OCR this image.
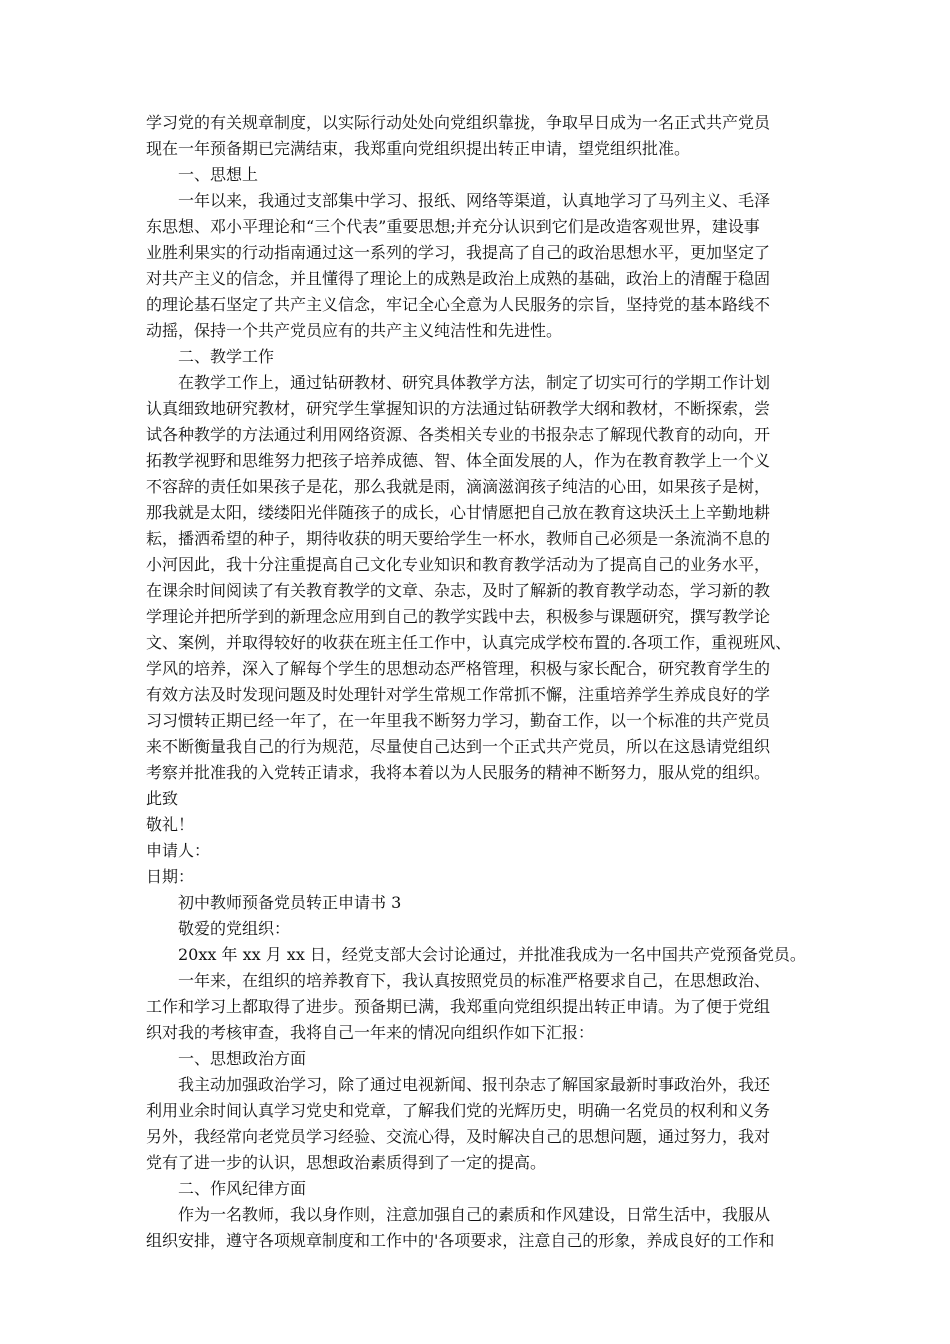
学习党的有关规章制度，以实际行动处处向党组织靠拢，争取早日成为一名正式共产党员
现在一年预备期已完满结束，我郑重向党组织提出转正申请，望党组织批准。
一、思想上
一年以来，我通过支部集中学习、报纸、网络等渠道，认真地学习了马列主义、毛泽
东思想、邓小平理论和“三个代表”重要思想;并充分认识到它们是改造客观世界，建设事
业胜利果实的行动指南通过这一系列的学习，我提高了自己的政治思想水平，更加坚定了
对共产主义的信念，并且懂得了理论上的成熟是政治上成熟的基础，政治上的清醒于稳固
的理论基石坚定了共产主义信念，牢记全心全意为人民服务的宗旨，坚持党的基本路线不
动摇，保持一个共产党员应有的共产主义纯洁性和先进性。
二、教学工作
在教学工作上，通过钻研教材、研究具体教学方法，制定了切实可行的学期工作计划
认真细致地研究教材，研究学生掌握知识的方法通过钻研教学大纲和教材，不断探索，尝
试各种教学的方法通过利用网络资源、各类相关专业的书报杂志了解现代教育的动向，开
拓教学视野和思维努力把孩子培养成德、智、体全面发展的人，作为在教育教学上一个义
不容辞的责任如果孩子是花，那么我就是雨，滴滴滋润孩子纯洁的心田，如果孩子是树，
那我就是太阳，缕缕阳光伴随孩子的成长，心甘情愿把自己放在教育这块沃土上辛勤地耕
耘，播洒希望的种子，期待收获的明天要给学生一杯水，教师自己必须是一条流淌不息的
小河因此，我十分注重提高自己文化专业知识和教育教学活动为了提高自己的业务水平，
在课余时间阅读了有关教育教学的文章、杂志，及时了解新的教育教学动态，学习新的教
学理论并把所学到的新理念应用到自己的教学实践中去，积极参与课题研究，撰写教学论
文、案例，并取得较好的收获在班主任工作中，认真完成学校布置的.各项工作，重视班风、
学风的培养，深入了解每个学生的思想动态严格管理，积极与家长配合，研究教育学生的
有效方法及时发现问题及时处理针对学生常规工作常抓不懈，注重培养学生养成良好的学
习习惯转正期已经一年了，在一年里我不断努力学习，勤奋工作，以一个标准的共产党员
来不断衡量我自己的行为规范，尽量使自己达到一个正式共产党员，所以在这恳请党组织
考察并批准我的入党转正请求，我将本着以为人民服务的精神不断努力，服从党的组织。
此致
敬礼！
申请人：
日期：
初中教师预备党员转正申请书 3
敬爱的党组织：
20xx 年 xx 月 xx 日，经党支部大会讨论通过，并批准我成为一名中国共产党预备党员。
一年来，在组织的培养教育下，我认真按照党员的标准严格要求自己，在思想政治、
工作和学习上都取得了进步。预备期已满，我郑重向党组织提出转正申请。为了便于党组
织对我的考核审查，我将自己一年来的情况向组织作如下汇报：
一、思想政治方面
我主动加强政治学习，除了通过电视新闻、报刊杂志了解国家最新时事政治外，我还
利用业余时间认真学习党史和党章，了解我们党的光辉历史，明确一名党员的权利和义务
另外，我经常向老党员学习经验、交流心得，及时解决自己的思想问题，通过努力，我对
党有了进一步的认识，思想政治素质得到了一定的提高。
二、作风纪律方面
作为一名教师，我以身作则，注意加强自己的素质和作风建设，日常生活中，我服从
组织安排，遵守各项规章制度和工作中的'各项要求，注意自己的形象，养成良好的工作和
